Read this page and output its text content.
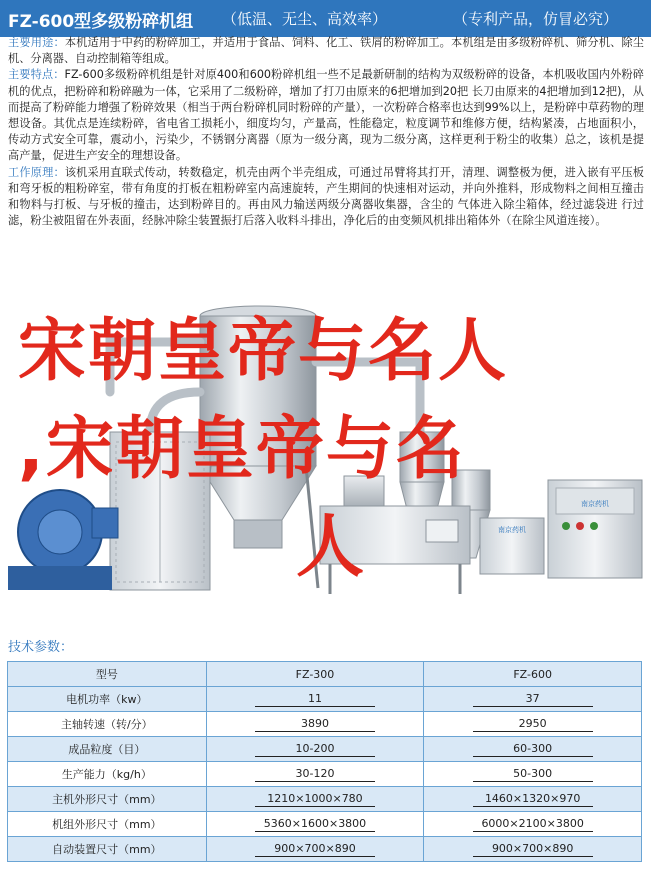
FZ-600型多级粉碎机组 （低温、无尘、高效率）	（专利产品，仿冒必究）

主要用途：本机适用于中药的粉碎加工，并适用于食品、饲料、化工、铁屑的粉碎加工。本机组是由多级粉碎机、筛分机、除尘机、分离器、自动控制箱等组成。

主要特点：FZ-600多级粉碎机组是针对原400和600粉碎机组一些不足最新研制的结构为双级粉碎的设备，本机吸收国内外粉碎机的优点，把粉碎和粉碎融为一体，它采用了二级粉碎，增加了打刀由原来的6把增加到20把 长刀由原来的4把增加到12把)，从而提高了粉碎能力增强了粉碎效果（相当于两台粉碎机同时粉碎的产量），一次粉碎合格率也达到99%以上，是粉碎中草药物的理想设备。其优点是连续粉碎，省电省工损耗小，细度均匀，产量高，性能稳定，粒度调节和维修方便，结构紧凑，占地面积小，传动方式安全可靠，震动小，污染少，不锈钢分离器（原为一级分离，现为二级分离，这样更利于粉尘的收集）总之，该机是提高产量，促进生产安全的理想设备。

工作原理：该机采用直联式传动，转数稳定，机壳由两个半壳组成，可通过吊臂将其打开，清理、调整极为便，进入嵌有平压板和弯牙板的粗粉碎室，带有角度的打板在粗粉碎室内高速旋转，产生期间的快速相对运动，并向外推料，形成物料之间相互撞击和物料与打板、与牙板的撞击，达到粉碎目的。再由风力输送两级分离器收集器，含尘的 气体进入除尘箱体，经过滤袋进 行过滤，粉尘被阻留在外表面，经脉冲除尘装置振打后落入收料斗排出，净化后的由变频风机排出箱体外（在除尘风道连接）。

南京药机
南京药机
宋朝皇帝与名人
,宋朝皇帝与名
人
技术参数：
型号	FZ-300	FZ-600
电机功率（kw）	11	37
主轴转速（转/分）	3890	2950
成品粒度（目）	10-200	60-300
生产能力（kg/h）	30-120	50-300
主机外形尺寸（mm）	1210×1000×780	1460×1320×970
机组外形尺寸（mm）	5360×1600×3800	6000×2100×3800
自动装置尺寸（mm）	900×700×890	900×700×890
